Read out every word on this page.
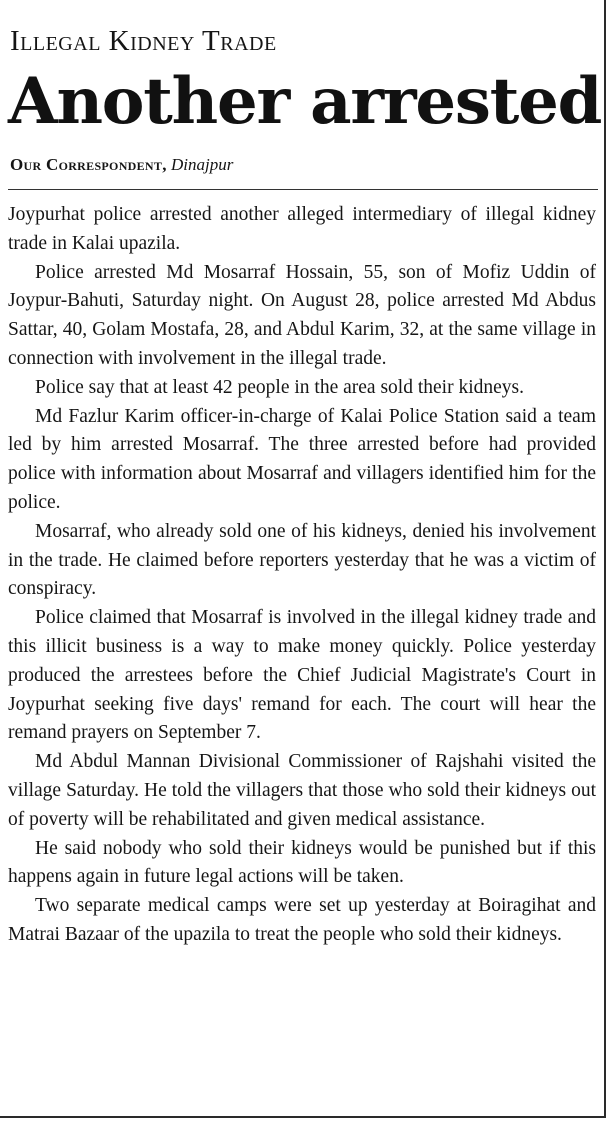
Illegal Kidney Trade
Another arrested

Our Correspondent, Dinajpur

Joypurhat police arrested another alleged intermediary of illegal kidney trade in Kalai upazila.

Police arrested Md Mosarraf Hossain, 55, son of Mofiz Uddin of Joypur-Bahuti, Saturday night. On August 28, police arrested Md Abdus Sattar, 40, Golam Mostafa, 28, and Abdul Karim, 32, at the same village in connection with involvement in the illegal trade.

Police say that at least 42 people in the area sold their kidneys.

Md Fazlur Karim officer-in-charge of Kalai Police Station said a team led by him arrested Mosarraf. The three arrested before had provided police with information about Mosarraf and villagers identified him for the police.

Mosarraf, who already sold one of his kidneys, denied his involvement in the trade. He claimed before reporters yesterday that he was a victim of conspiracy.

Police claimed that Mosarraf is involved in the illegal kidney trade and this illicit business is a way to make money quickly. Police yesterday produced the arrestees before the Chief Judicial Magistrate's Court in Joypurhat seeking five days' remand for each. The court will hear the remand prayers on September 7.

Md Abdul Mannan Divisional Commissioner of Rajshahi visited the village Saturday. He told the villagers that those who sold their kidneys out of poverty will be rehabilitated and given medical assistance.

He said nobody who sold their kidneys would be punished but if this happens again in future legal actions will be taken.

Two separate medical camps were set up yesterday at Boiragihat and Matrai Bazaar of the upazila to treat the people who sold their kidneys.
